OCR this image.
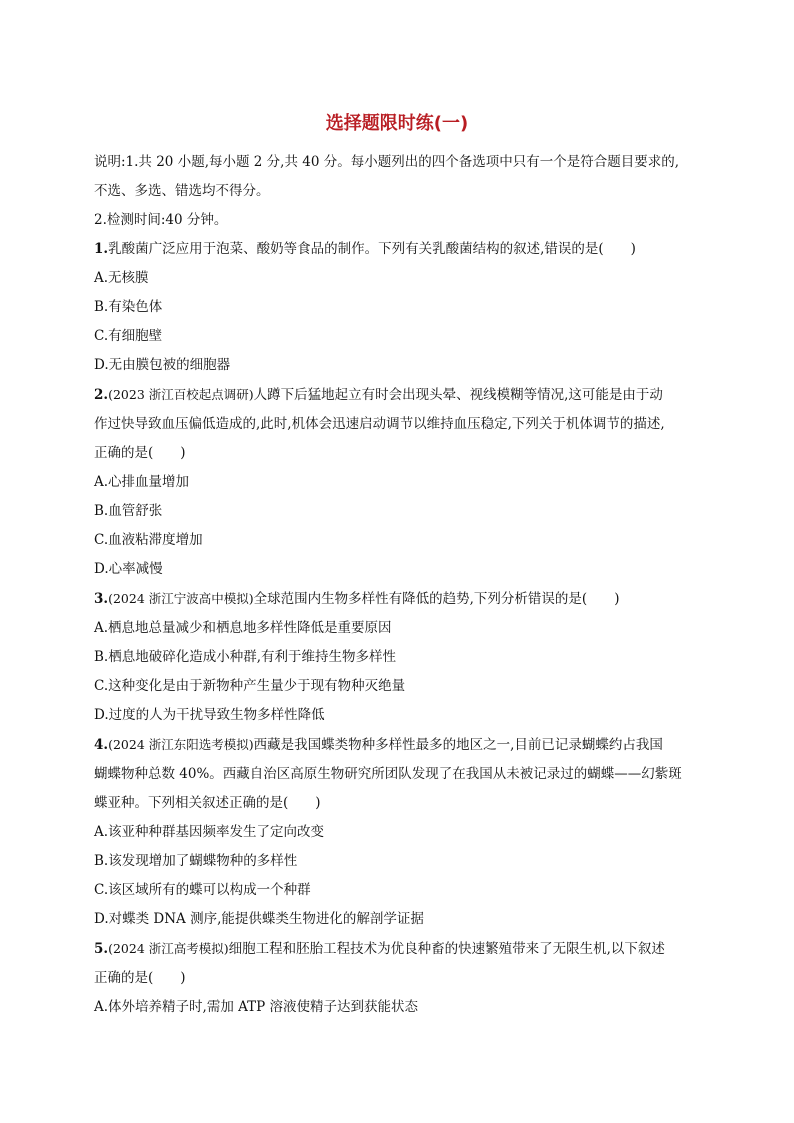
选择题限时练(一)
说明:1.共 20 小题,每小题 2 分,共 40 分。每小题列出的四个备选项中只有一个是符合题目要求的,
不选、多选、错选均不得分。
2.检测时间:40 分钟。
1.乳酸菌广泛应用于泡菜、酸奶等食品的制作。下列有关乳酸菌结构的叙述,错误的是(　　)
A.无核膜
B.有染色体
C.有细胞壁
D.无由膜包被的细胞器
2.(2023 浙江百校起点调研)人蹲下后猛地起立有时会出现头晕、视线模糊等情况,这可能是由于动
作过快导致血压偏低造成的,此时,机体会迅速启动调节以维持血压稳定,下列关于机体调节的描述,
正确的是(　　)
A.心排血量增加
B.血管舒张
C.血液粘滞度增加
D.心率减慢
3.(2024 浙江宁波高中模拟)全球范围内生物多样性有降低的趋势,下列分析错误的是(　　)
A.栖息地总量减少和栖息地多样性降低是重要原因
B.栖息地破碎化造成小种群,有利于维持生物多样性
C.这种变化是由于新物种产生量少于现有物种灭绝量
D.过度的人为干扰导致生物多样性降低
4.(2024 浙江东阳选考模拟)西藏是我国蝶类物种多样性最多的地区之一,目前已记录蝴蝶约占我国
蝴蝶物种总数 40%。西藏自治区高原生物研究所团队发现了在我国从未被记录过的蝴蝶——幻紫斑
蝶亚种。下列相关叙述正确的是(　　)
A.该亚种种群基因频率发生了定向改变
B.该发现增加了蝴蝶物种的多样性
C.该区域所有的蝶可以构成一个种群
D.对蝶类 DNA 测序,能提供蝶类生物进化的解剖学证据
5.(2024 浙江高考模拟)细胞工程和胚胎工程技术为优良种畜的快速繁殖带来了无限生机,以下叙述
正确的是(　　)
A.体外培养精子时,需加 ATP 溶液使精子达到获能状态
